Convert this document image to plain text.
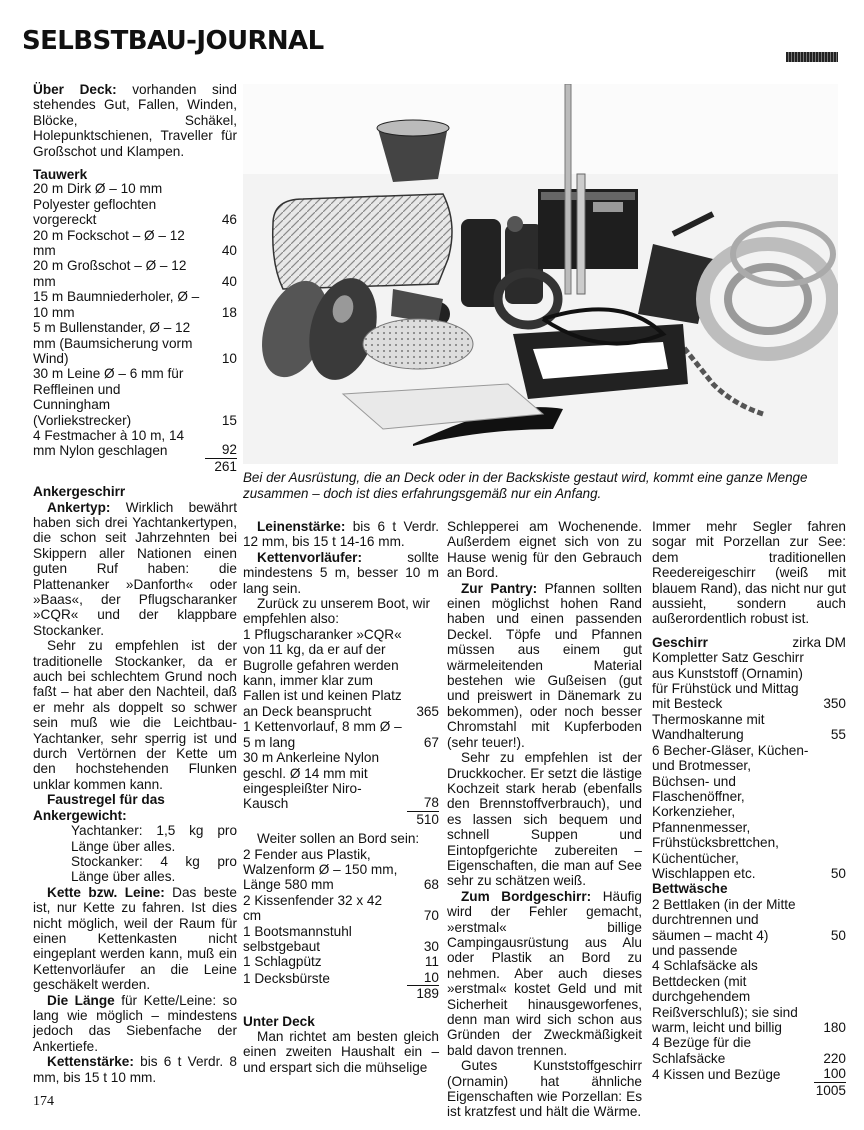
SELBSTBAU-JOURNAL
Bei der Ausrüstung, die an Deck oder in der Backskiste gestaut wird, kommt eine ganze Menge zusammen – doch ist dies erfahrungsgemäß nur ein Anfang.

Über Deck: vorhanden sind stehendes Gut, Fallen, Winden, Blöcke, Schäkel, Holepunktschienen, Traveller für Großschot und Klampen.

Tauwerk

20 m Dirk Ø – 10 mm Polyester geflochten vorgereckt	46
20 m Fockschot – Ø – 12 mm	40
20 m Großschot – Ø – 12 mm	40
15 m Baumniederholer, Ø – 10 mm	18
5 m Bullenstander, Ø – 12 mm (Baumsicherung vorm Wind)	10
30 m Leine Ø – 6 mm für Reffleinen und Cunningham (Vorliekstrecker)	15
4 Festmacher à 10 m, 14 mm Nylon geschlagen	92
261

Ankergeschirr

Ankertyp: Wirklich bewährt haben sich drei Yachtankertypen, die schon seit Jahrzehnten bei Skippern aller Nationen einen guten Ruf haben: die Plattenanker »Danforth« oder »Baas«, der Pflugscharanker »CQR« und der klappbare Stockanker.

Sehr zu empfehlen ist der traditionelle Stockanker, da er auch bei schlechtem Grund noch faßt – hat aber den Nachteil, daß er mehr als doppelt so schwer sein muß wie die Leichtbau-Yachtanker, sehr sperrig ist und durch Vertörnen der Kette um den hochstehenden Flunken unklar kommen kann.

Faustregel für das Ankergewicht:

Yachtanker: 1,5 kg pro Länge über alles.

Stockanker: 4 kg pro Länge über alles.

Kette bzw. Leine: Das beste ist, nur Kette zu fahren. Ist dies nicht möglich, weil der Raum für einen Kettenkasten nicht eingeplant werden kann, muß ein Kettenvorläufer an die Leine geschäkelt werden.

Die Länge für Kette/Leine: so lang wie möglich – mindestens jedoch das Siebenfache der Ankertiefe.

Kettenstärke: bis 6 t Verdr. 8 mm, bis 15 t 10 mm.

Leinenstärke: bis 6 t Verdr. 12 mm, bis 15 t 14-16 mm.

Kettenvorläufer: sollte mindestens 5 m, besser 10 m lang sein.

Zurück zu unserem Boot, wir empfehlen also:

1 Pflugscharanker »CQR« von 11 kg, da er auf der Bugrolle gefahren werden kann, immer klar zum Fallen ist und keinen Platz an Deck beansprucht	365
1 Kettenvorlauf, 8 mm Ø – 5 m lang	67
30 m Ankerleine Nylon geschl. Ø 14 mm mit eingespleißter Niro-Kausch	78
510

Weiter sollen an Bord sein:

2 Fender aus Plastik, Walzenform Ø – 150 mm, Länge 580 mm	68
2 Kissenfender 32 x 42 cm	70
1 Bootsmannstuhl selbstgebaut	30
1 Schlagpütz	11
1 Decksbürste	10
189

Unter Deck

Man richtet am besten gleich einen zweiten Haushalt ein – und erspart sich die mühselige

Schlepperei am Wochenende. Außerdem eignet sich von zu Hause wenig für den Gebrauch an Bord.

Zur Pantry: Pfannen sollten einen möglichst hohen Rand haben und einen passenden Deckel. Töpfe und Pfannen müssen aus einem gut wärmeleitenden Material bestehen wie Gußeisen (gut und preiswert in Dänemark zu bekommen), oder noch besser Chromstahl mit Kupferboden (sehr teuer!).

Sehr zu empfehlen ist der Druckkocher. Er setzt die lästige Kochzeit stark herab (ebenfalls den Brennstoffverbrauch), und es lassen sich bequem und schnell Suppen und Eintopfgerichte zubereiten – Eigenschaften, die man auf See sehr zu schätzen weiß.

Zum Bordgeschirr: Häufig wird der Fehler gemacht, »erstmal« billige Campingausrüstung aus Alu oder Plastik an Bord zu nehmen. Aber auch dieses »erstmal« kostet Geld und mit Sicherheit hinausgeworfenes, denn man wird sich schon aus Gründen der Zweckmäßigkeit bald davon trennen.

Gutes Kunststoffgeschirr (Ornamin) hat ähnliche Eigenschaften wie Porzellan: Es ist kratzfest und hält die Wärme.

Immer mehr Segler fahren sogar mit Porzellan zur See: dem traditionellen Reedereigeschirr (weiß mit blauem Rand), das nicht nur gut aussieht, sondern auch außerordentlich robust ist.

Geschirr	zirka DM
Kompletter Satz Geschirr aus Kunststoff (Ornamin) für Frühstück und Mittag mit Besteck	350
Thermoskanne mit Wandhalterung	55
6 Becher-Gläser, Küchen- und Brotmesser, Büchsen- und Flaschenöffner, Korkenzieher, Pfannenmesser, Frühstücksbrettchen, Küchentücher, Wischlappen etc.	50

Bettwäsche

2 Bettlaken (in der Mitte durchtrennen und säumen – macht 4)	50
und passende
4 Schlafsäcke als Bettdecken (mit durchgehendem Reißverschluß); sie sind warm, leicht und billig	180
4 Bezüge für die Schlafsäcke	220
4 Kissen und Bezüge	100
1005
174
